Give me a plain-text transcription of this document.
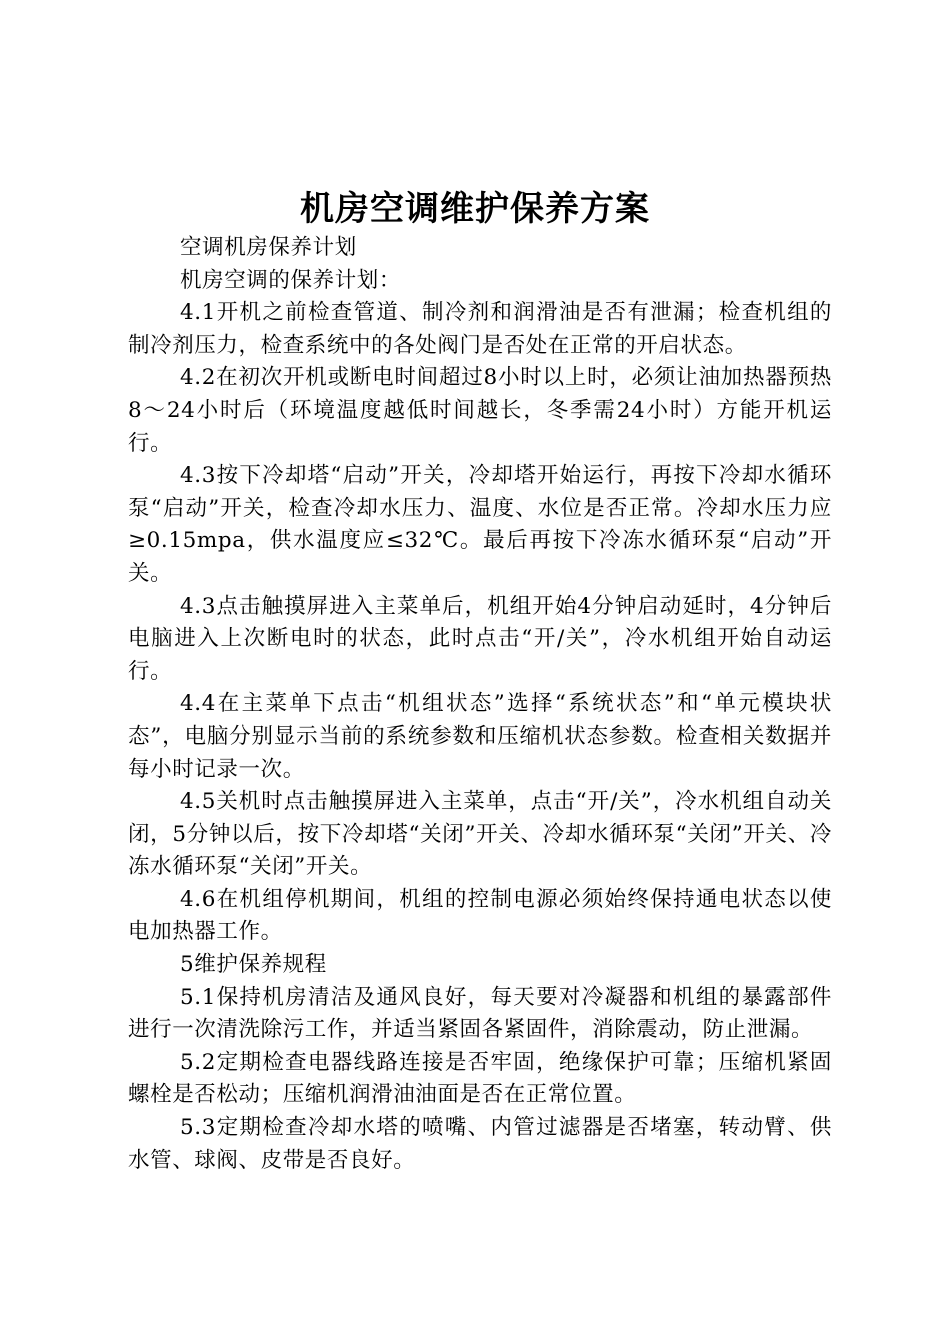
机房空调维护保养方案

空调机房保养计划

机房空调的保养计划：

4.1开机之前检查管道、制冷剂和润滑油是否有泄漏；检查机组的制冷剂压力，检查系统中的各处阀门是否处在正常的开启状态。

4.2在初次开机或断电时间超过8小时以上时，必须让油加热器预热8～24小时后（环境温度越低时间越长，冬季需24小时）方能开机运行。

4.3按下冷却塔“启动”开关，冷却塔开始运行，再按下冷却水循环泵“启动”开关，检查冷却水压力、温度、水位是否正常。冷却水压力应≥0.15mpa，供水温度应≤32℃。最后再按下冷冻水循环泵“启动”开关。

4.3点击触摸屏进入主菜单后，机组开始4分钟启动延时，4分钟后电脑进入上次断电时的状态，此时点击“开/关”，冷水机组开始自动运行。

4.4在主菜单下点击“机组状态”选择“系统状态”和“单元模块状态”，电脑分别显示当前的系统参数和压缩机状态参数。检查相关数据并每小时记录一次。

4.5关机时点击触摸屏进入主菜单，点击“开/关”，冷水机组自动关闭，5分钟以后，按下冷却塔“关闭”开关、冷却水循环泵“关闭”开关、冷冻水循环泵“关闭”开关。

4.6在机组停机期间，机组的控制电源必须始终保持通电状态以使电加热器工作。

5维护保养规程

5.1保持机房清洁及通风良好，每天要对冷凝器和机组的暴露部件进行一次清洗除污工作，并适当紧固各紧固件，消除震动，防止泄漏。

5.2定期检查电器线路连接是否牢固，绝缘保护可靠；压缩机紧固螺栓是否松动；压缩机润滑油油面是否在正常位置。

5.3定期检查冷却水塔的喷嘴、内管过滤器是否堵塞，转动臂、供水管、球阀、皮带是否良好。
